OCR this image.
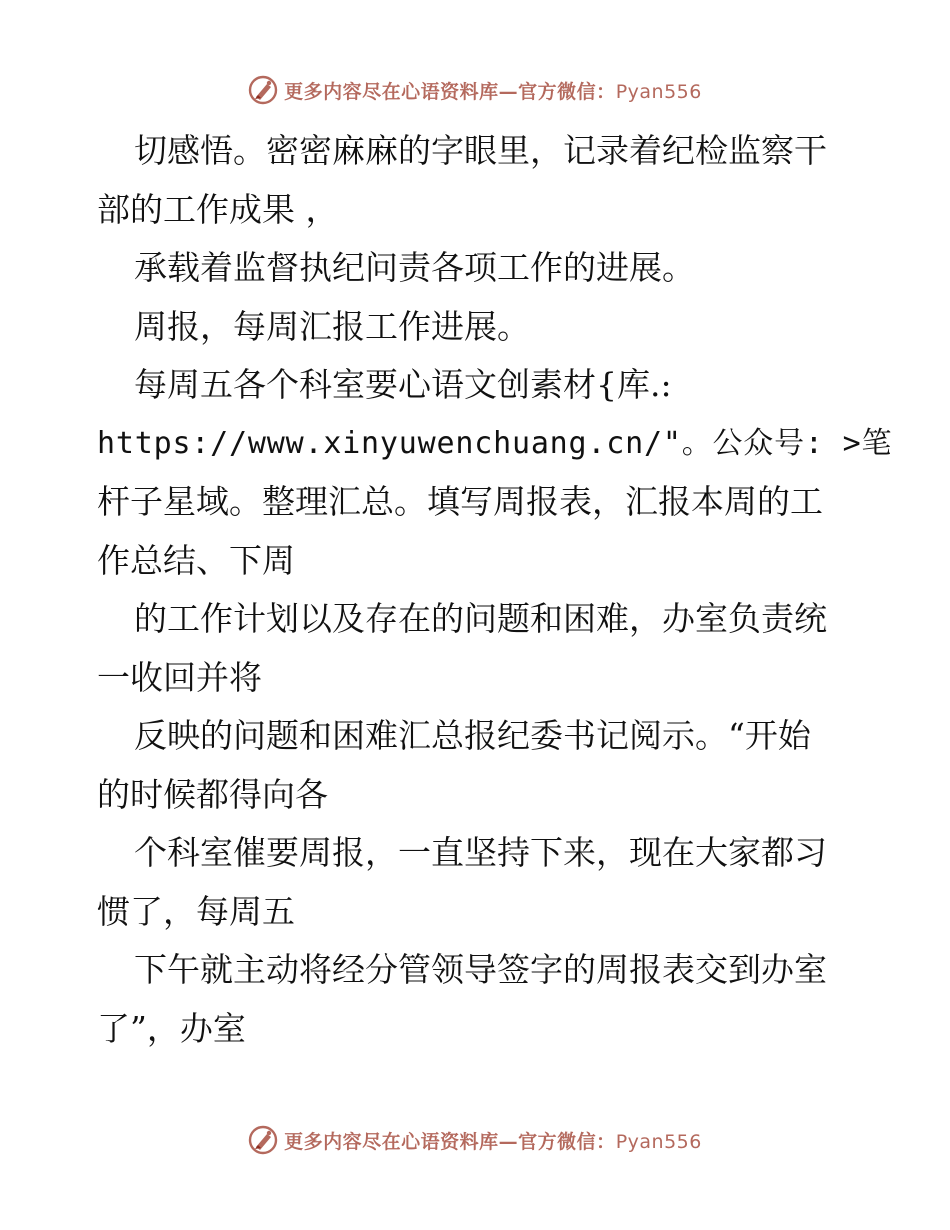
更多内容尽在心语资料库—官方微信：Pyan556
切感悟。密密麻麻的字眼里，记录着纪检监察干
部的工作成果 ，
承载着监督执纪问责各项工作的进展。
周报，每周汇报工作进展。
每周五各个科室要心语文创素材{库.:
https://www.xinyuwenchuang.cn/"。公众号: >笔
杆子星域。整理汇总。填写周报表，汇报本周的工
作总结、下周
的工作计划以及存在的问题和困难，办室负责统
一收回并将
反映的问题和困难汇总报纪委书记阅示。“开始
的时候都得向各
个科室催要周报，一直坚持下来，现在大家都习
惯了，每周五
下午就主动将经分管领导签字的周报表交到办室
了”，办室
更多内容尽在心语资料库—官方微信：Pyan556
